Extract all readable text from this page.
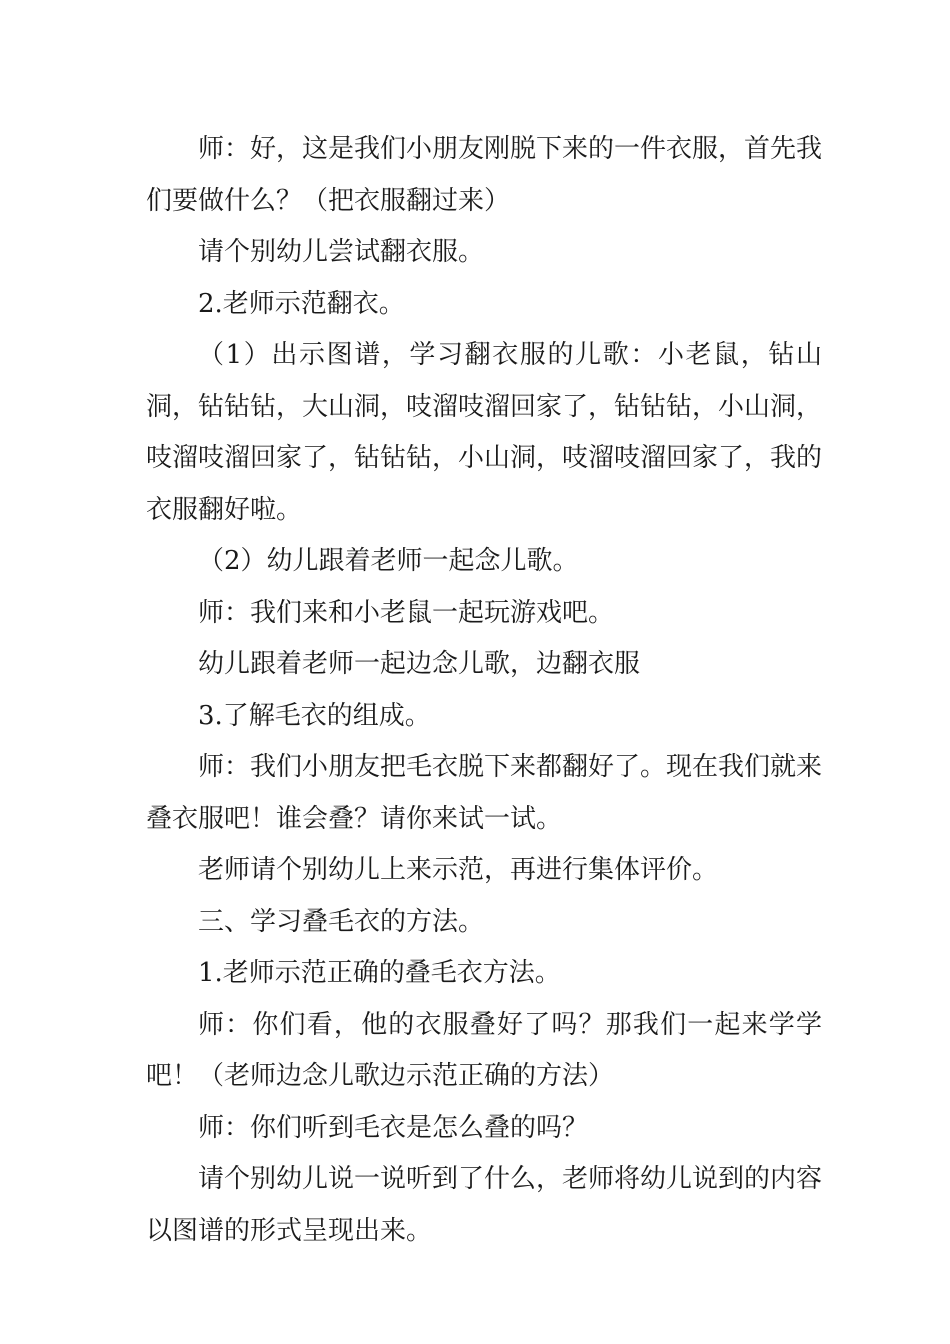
师：好，这是我们小朋友刚脱下来的一件衣服，首先我们要做什么？（把衣服翻过来）

请个别幼儿尝试翻衣服。

2.老师示范翻衣。

（1）出示图谱，学习翻衣服的儿歌：小老鼠，钻山洞，钻钻钻，大山洞，吱溜吱溜回家了，钻钻钻，小山洞，吱溜吱溜回家了，钻钻钻，小山洞，吱溜吱溜回家了，我的衣服翻好啦。

（2）幼儿跟着老师一起念儿歌。

师：我们来和小老鼠一起玩游戏吧。

幼儿跟着老师一起边念儿歌，边翻衣服

3.了解毛衣的组成。

师：我们小朋友把毛衣脱下来都翻好了。现在我们就来叠衣服吧！谁会叠？请你来试一试。

老师请个别幼儿上来示范，再进行集体评价。

三、学习叠毛衣的方法。

1.老师示范正确的叠毛衣方法。

师：你们看，他的衣服叠好了吗？那我们一起来学学吧！（老师边念儿歌边示范正确的方法）

师：你们听到毛衣是怎么叠的吗？

请个别幼儿说一说听到了什么，老师将幼儿说到的内容以图谱的形式呈现出来。
